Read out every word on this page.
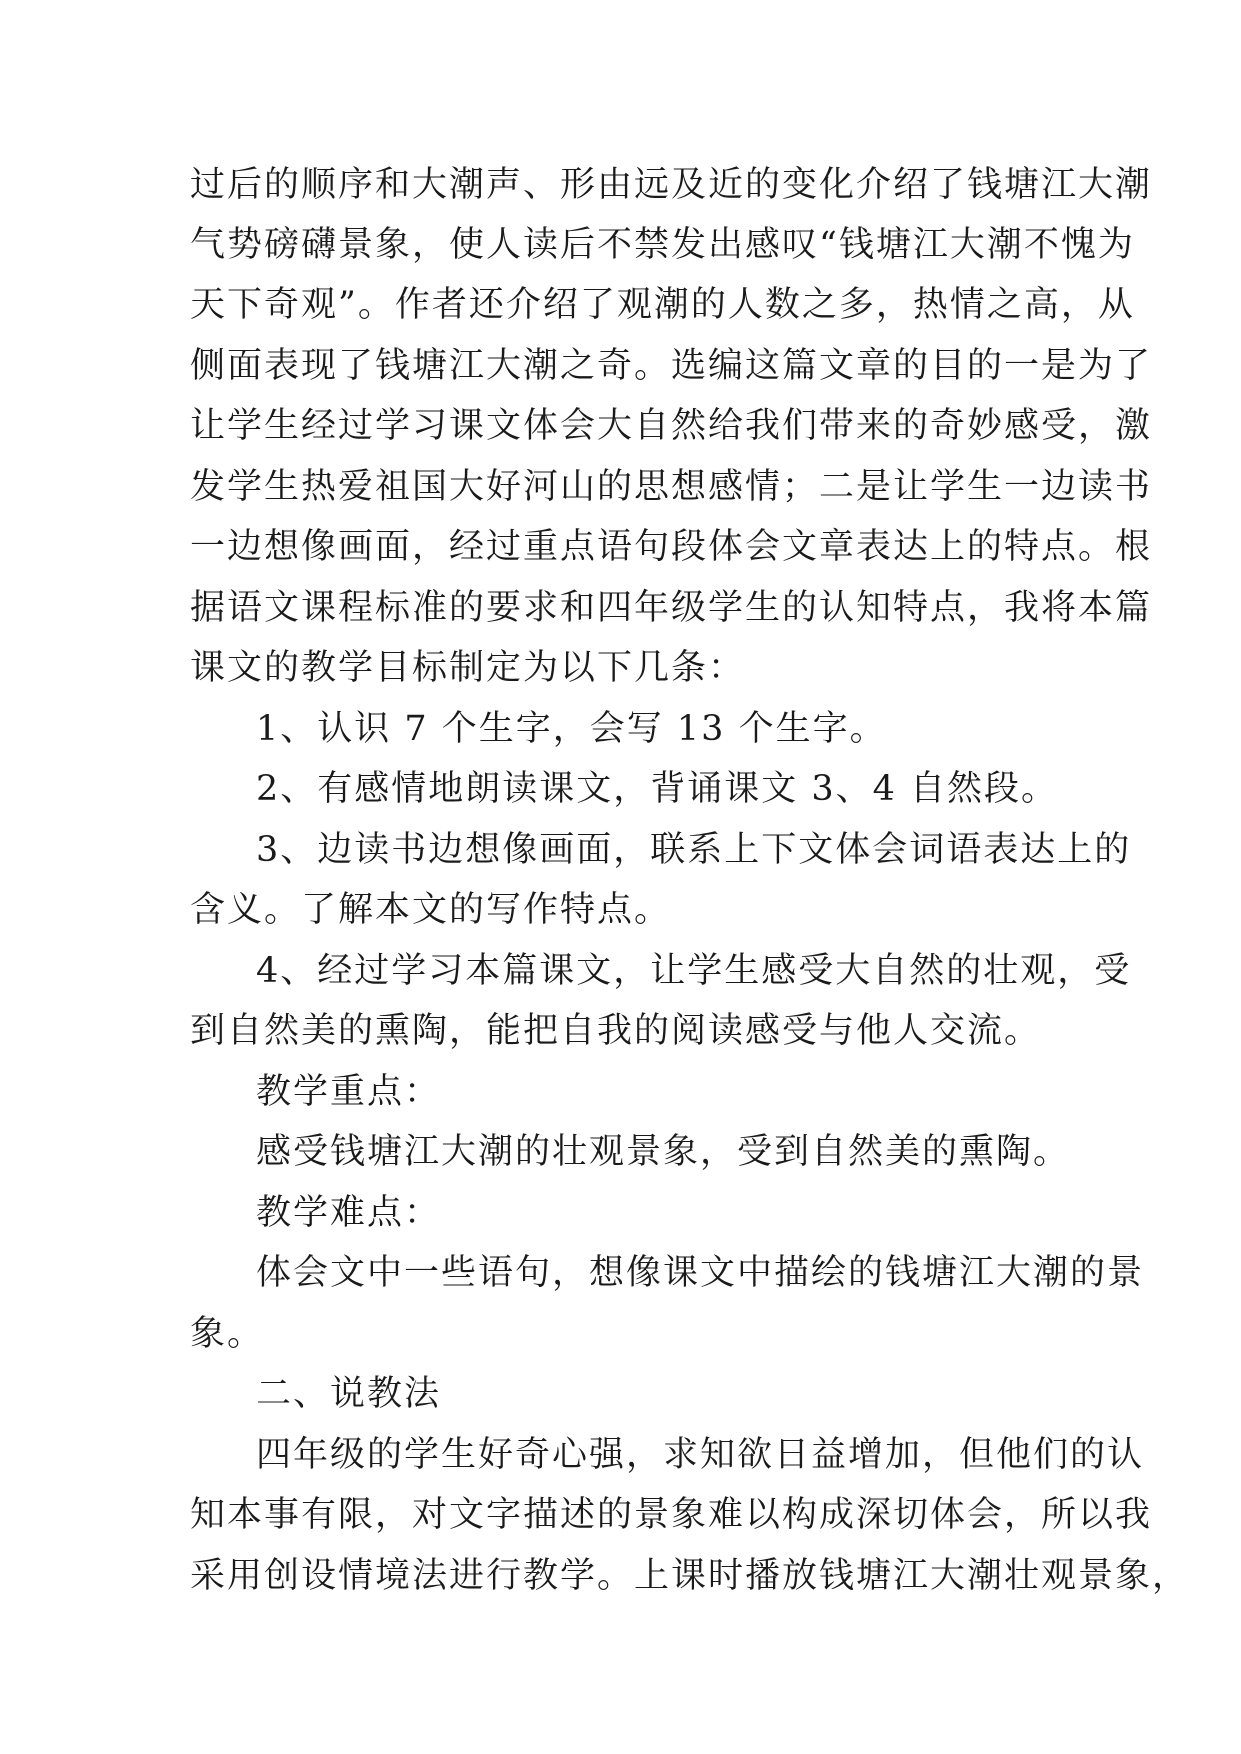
过后的顺序和大潮声、形由远及近的变化介绍了钱塘江大潮
气势磅礴景象，使人读后不禁发出感叹“钱塘江大潮不愧为
天下奇观”。作者还介绍了观潮的人数之多，热情之高，从
侧面表现了钱塘江大潮之奇。选编这篇文章的目的一是为了
让学生经过学习课文体会大自然给我们带来的奇妙感受，激
发学生热爱祖国大好河山的思想感情；二是让学生一边读书
一边想像画面，经过重点语句段体会文章表达上的特点。根
据语文课程标准的要求和四年级学生的认知特点，我将本篇
课文的教学目标制定为以下几条：
1、认识 7 个生字，会写 13 个生字。
2、有感情地朗读课文，背诵课文 3、4 自然段。
3、边读书边想像画面，联系上下文体会词语表达上的
含义。了解本文的写作特点。
4、经过学习本篇课文，让学生感受大自然的壮观，受
到自然美的熏陶，能把自我的阅读感受与他人交流。
教学重点：
感受钱塘江大潮的壮观景象，受到自然美的熏陶。
教学难点：
体会文中一些语句，想像课文中描绘的钱塘江大潮的景
象。
二、说教法
四年级的学生好奇心强，求知欲日益增加，但他们的认
知本事有限，对文字描述的景象难以构成深切体会，所以我
采用创设情境法进行教学。上课时播放钱塘江大潮壮观景象，
